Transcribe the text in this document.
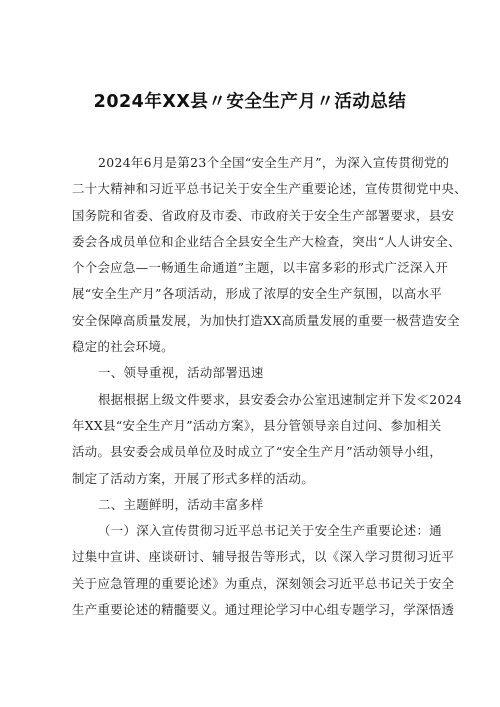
2024年XX县〃安全生产月〃活动总结
2024年6月是第23个全国“安全生产月”，为深入宣传贯彻党的
二十大精神和习近平总书记关于安全生产重要论述，宣传贯彻党中央、
国务院和省委、省政府及市委、市政府关于安全生产部署要求，县安
委会各成员单位和企业结合全县安全生产大检查，突出“人人讲安全、
个个会应急—一畅通生命通道”主题，以丰富多彩的形式广泛深入开
展“安全生产月”各项活动，形成了浓厚的安全生产氛围，以高水平
安全保障高质量发展，为加快打造XX高质量发展的重要一极营造安全
稳定的社会环境。
一、领导重视，活动部署迅速
根据根据上级文件要求，县安委会办公室迅速制定并下发≪2024
年XX县“安全生产月”活动方案》，县分管领导亲自过问、参加相关
活动。县安委会成员单位及时成立了“安全生产月”活动领导小组，
制定了活动方案，开展了形式多样的活动。
二、主题鲜明，活动丰富多样
（一）深入宣传贯彻习近平总书记关于安全生产重要论述：通
过集中宣讲、座谈研讨、辅导报告等形式，以《深入学习贯彻习近平
关于应急管理的重要论述》为重点，深刻领会习近平总书记关于安全
生产重要论述的精髓要义。通过理论学习中心组专题学习，学深悟透
